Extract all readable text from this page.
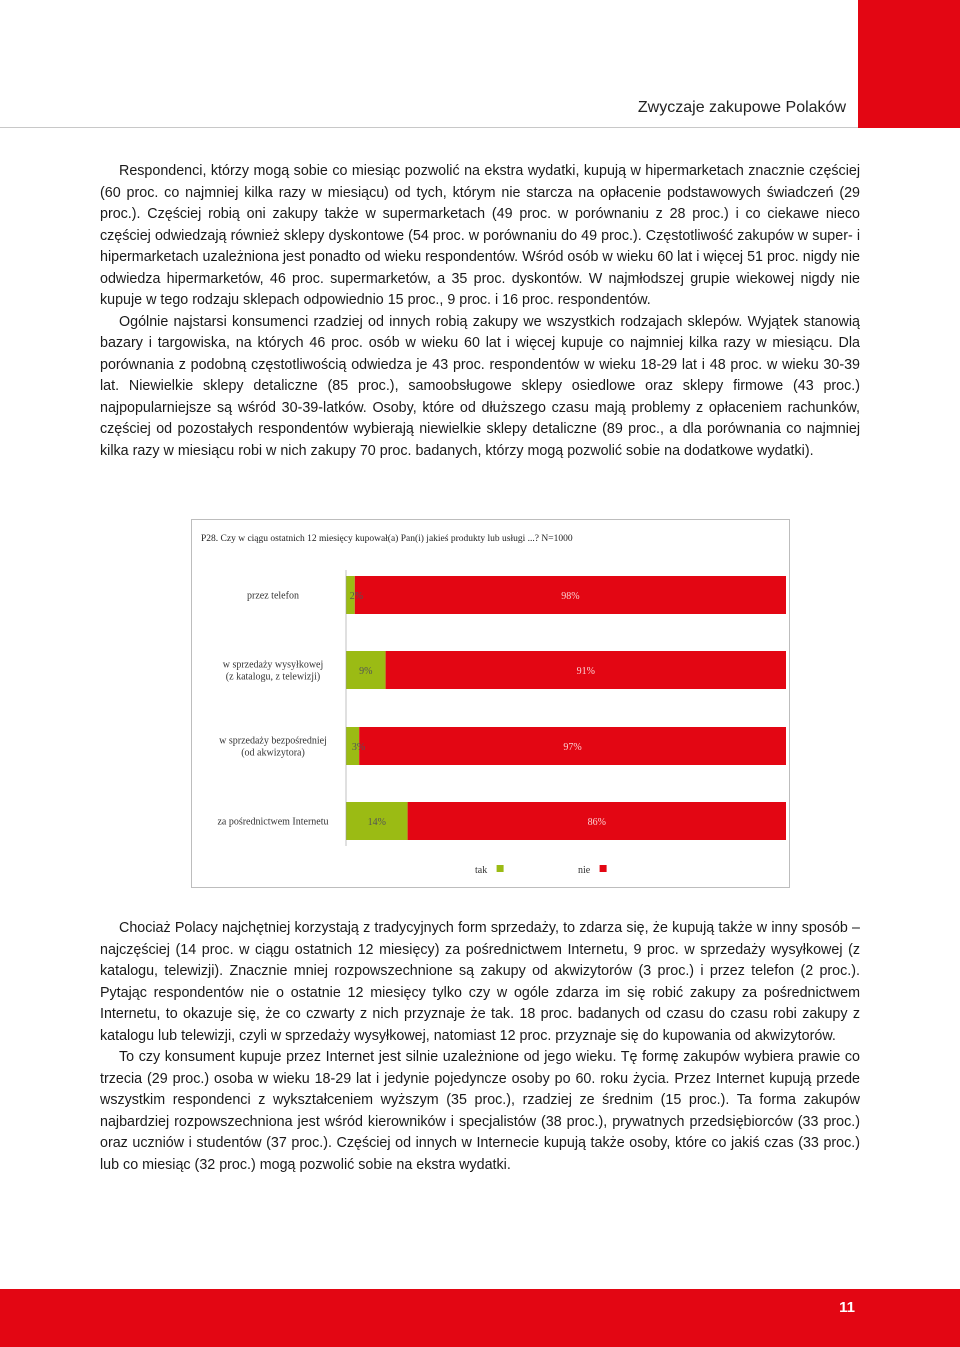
Zwyczaje zakupowe Polaków

Respondenci, którzy mogą sobie co miesiąc pozwolić na ekstra wydatki, kupują w hipermarketach znacznie częściej (60 proc. co najmniej kilka razy w miesiącu) od tych, którym nie starcza na opłacenie podstawowych świadczeń (29 proc.). Częściej robią oni zakupy także w supermarketach (49 proc. w porównaniu z 28 proc.) i co ciekawe nieco częściej odwiedzają również sklepy dyskontowe (54 proc. w porównaniu do 49 proc.). Częstotliwość zakupów w super- i hipermarketach uzależniona jest ponadto od wieku respondentów. Wśród osób w wieku 60 lat i więcej 51 proc. nigdy nie odwiedza hipermarketów, 46 proc. supermarketów, a 35 proc. dyskontów. W najmłodszej grupie wiekowej nigdy nie kupuje w tego rodzaju sklepach odpowiednio 15 proc., 9 proc. i 16 proc. respondentów.

Ogólnie najstarsi konsumenci rzadziej od innych robią zakupy we wszystkich rodzajach sklepów. Wyjątek stanowią bazary i targowiska, na których 46 proc. osób w wieku 60 lat i więcej kupuje co najmniej kilka razy w miesiącu. Dla porównania z podobną częstotliwością odwiedza je 43 proc. respondentów w wieku 18-29 lat i 48 proc. w wieku 30-39 lat. Niewielkie sklepy detaliczne (85 proc.), samoobsługowe sklepy osiedlowe oraz sklepy firmowe (43 proc.) najpopularniejsze są wśród 30-39-latków. Osoby, które od dłuższego czasu mają problemy z opłaceniem rachunków, częściej od pozostałych respondentów wybierają niewielkie sklepy detaliczne (89 proc., a dla porównania co najmniej kilka razy w miesiącu robi w nich zakupy 70 proc. badanych, którzy mogą pozwolić sobie na dodatkowe wydatki).

P28. Czy w ciągu ostatnich 12 miesięcy kupował(a) Pan(i) jakieś produkty lub usługi ...? N=1000
przez telefon	2%	98%
w sprzedaży wysyłkowej
(z katalogu, z telewizji)	9%	91%
w sprzedaży bezpośredniej
(od akwizytora)	3%	97%
za pośrednictwem Internetu	14%	86%
tak	nie

Chociaż Polacy najchętniej korzystają z tradycyjnych form sprzedaży, to zdarza się, że kupują także w inny sposób – najczęściej (14 proc. w ciągu ostatnich 12 miesięcy) za pośrednictwem Internetu, 9 proc. w sprzedaży wysyłkowej (z katalogu, telewizji). Znacznie mniej rozpowszechnione są zakupy od akwizytorów (3 proc.) i przez telefon (2 proc.). Pytając respondentów nie o ostatnie 12 miesięcy tylko czy w ogóle zdarza im się robić zakupy za pośrednictwem Internetu, to okazuje się, że co czwarty z nich przyznaje że tak. 18 proc. badanych od czasu do czasu robi zakupy z katalogu lub telewizji, czyli w sprzedaży wysyłkowej, natomiast 12 proc. przyznaje się do kupowania od akwizytorów.

To czy konsument kupuje przez Internet jest silnie uzależnione od jego wieku. Tę formę zakupów wybiera prawie co trzecia (29 proc.) osoba w wieku 18-29 lat i jedynie pojedyncze osoby po 60. roku życia. Przez Internet kupują przede wszystkim respondenci z wykształceniem wyższym (35 proc.), rzadziej ze średnim (15 proc.). Ta forma zakupów najbardziej rozpowszechniona jest wśród kierowników i specjalistów (38 proc.), prywatnych przedsiębiorców (33 proc.) oraz uczniów i studentów (37 proc.). Częściej od innych w Internecie kupują także osoby, które co jakiś czas (33 proc.) lub co miesiąc (32 proc.) mogą pozwolić sobie na ekstra wydatki.

11
